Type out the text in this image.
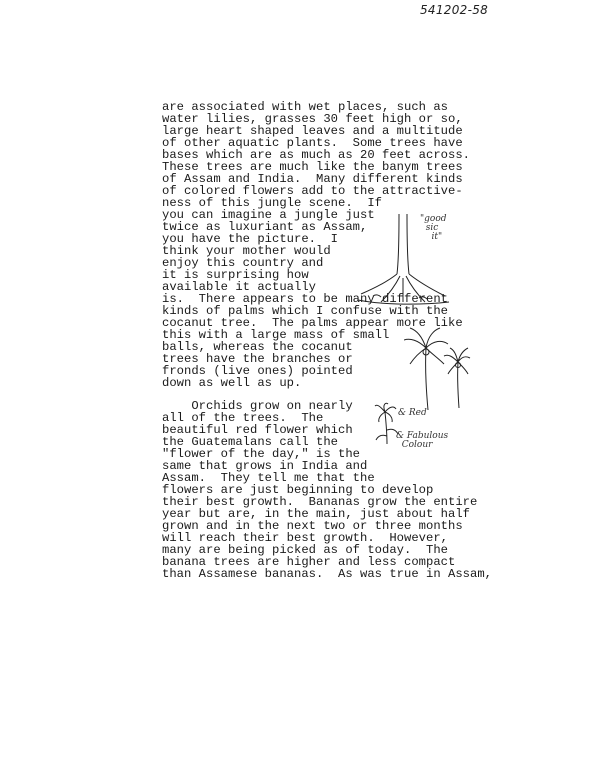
541202-58
are associated with wet places, such as
water lilies, grasses 30 feet high or so,
large heart shaped leaves and a multitude
of other aquatic plants.  Some trees have
bases which are as much as 20 feet across.
These trees are much like the banym trees
of Assam and India.  Many different kinds
of colored flowers add to the attractive-
ness of this jungle scene.  If
you can imagine a jungle just
twice as luxuriant as Assam,
you have the picture.  I
think your mother would
enjoy this country and
it is surprising how
available it actually
is.  There appears to be many different
kinds of palms which I confuse with the
cocanut tree.  The palms appear more like
this with a large mass of small
balls, whereas the cocanut
trees have the branches or
fronds (live ones) pointed
down as well as up.
Orchids grow on nearly
all of the trees.  The
beautiful red flower which
the Guatemalans call the
"flower of the day," is the
same that grows in India and
Assam.  They tell me that the
flowers are just beginning to develop
their best growth.  Bananas grow the entire
year but are, in the main, just about half
grown and in the next two or three months
will reach their best growth.  However,
many are being picked as of today.  The
banana trees are higher and less compact
than Assamese bananas.  As was true in Assam,
"good
sic
it"
& Red
& Fabulous
Colour
